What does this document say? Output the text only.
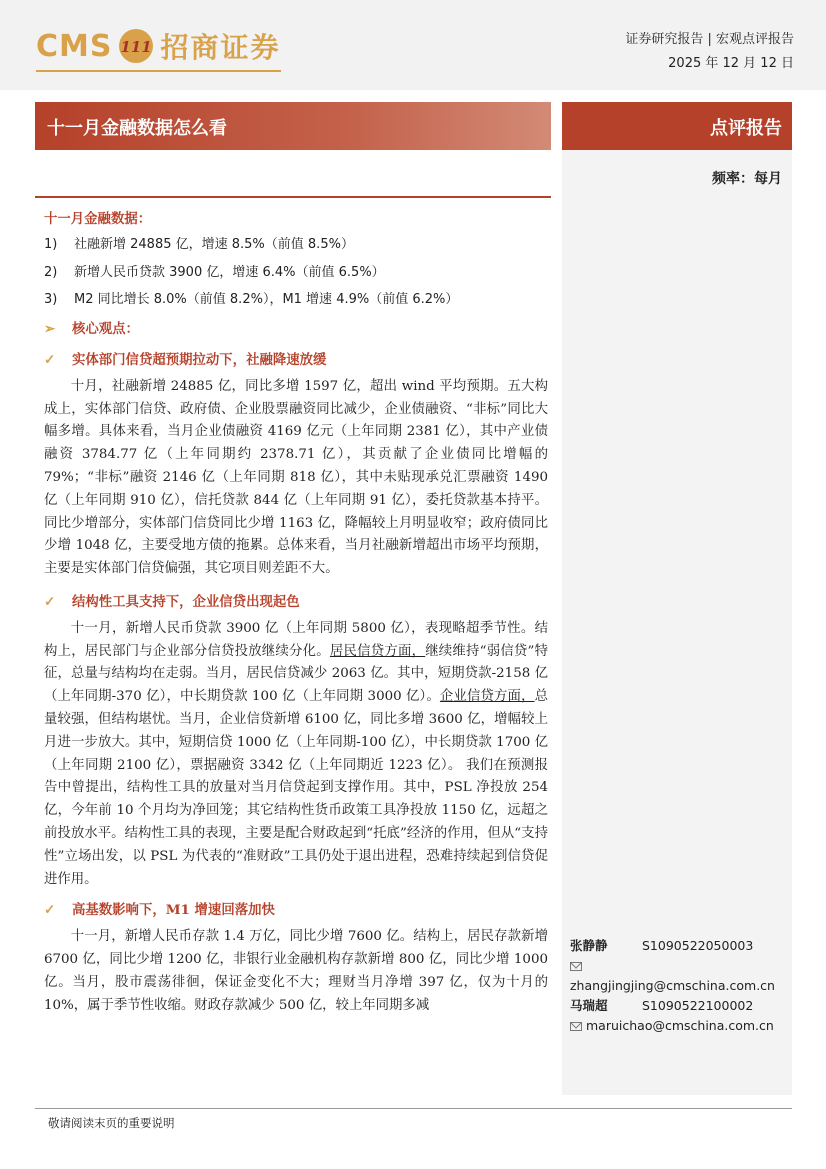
CMS 111 招商证券	证券研究报告 | 宏观点评报告
2025 年 12 月 12 日
十一月金融数据怎么看	点评报告
频率：每月
十一月金融数据：
1)	社融新增 24885 亿，增速 8.5%（前值 8.5%）
2)	新增人民币贷款 3900 亿，增速 6.4%（前值 6.5%）
3)	M2 同比增长 8.0%（前值 8.2%），M1 增速 4.9%（前值 6.2%）
➢	核心观点：
✓	实体部门信贷超预期拉动下，社融降速放缓

十月，社融新增 24885 亿，同比多增 1597 亿，超出 wind 平均预期。五大构成上，实体部门信贷、政府债、企业股票融资同比减少，企业债融资、“非标”同比大幅多增。具体来看，当月企业债融资 4169 亿元（上年同期 2381 亿），其中产业债融资 3784.77 亿（上年同期约 2378.71 亿），其贡献了企业债同比增幅的 79%；“非标”融资 2146 亿（上年同期 818 亿），其中未贴现承兑汇票融资 1490 亿（上年同期 910 亿），信托贷款 844 亿（上年同期 91 亿），委托贷款基本持平。同比少增部分，实体部门信贷同比少增 1163 亿，降幅较上月明显收窄；政府债同比少增 1048 亿，主要受地方债的拖累。总体来看，当月社融新增超出市场平均预期，主要是实体部门信贷偏强，其它项目则差距不大。

✓	结构性工具支持下，企业信贷出现起色

十一月，新增人民币贷款 3900 亿（上年同期 5800 亿），表现略超季节性。结构上，居民部门与企业部分信贷投放继续分化。居民信贷方面，继续维持“弱信贷”特征，总量与结构均在走弱。当月，居民信贷减少 2063 亿。其中，短期贷款-2158 亿（上年同期-370 亿），中长期贷款 100 亿（上年同期 3000 亿）。企业信贷方面，总量较强，但结构堪忧。当月，企业信贷新增 6100 亿，同比多增 3600 亿，增幅较上月进一步放大。其中，短期信贷 1000 亿（上年同期-100 亿），中长期贷款 1700 亿（上年同期 2100 亿），票据融资 3342 亿（上年同期近 1223 亿）。 我们在预测报告中曾提出，结构性工具的放量对当月信贷起到支撑作用。其中，PSL 净投放 254 亿，今年前 10 个月均为净回笼；其它结构性货币政策工具净投放 1150 亿，远超之前投放水平。结构性工具的表现，主要是配合财政起到“托底”经济的作用，但从“支持性”立场出发，以 PSL 为代表的“准财政”工具仍处于退出进程，恐难持续起到信贷促进作用。

✓	高基数影响下，M1 增速回落加快

十一月，新增人民币存款 1.4 万亿，同比少增 7600 亿。结构上，居民存款新增 6700 亿，同比少增 1200 亿，非银行业金融机构存款新增 800 亿，同比少增 1000 亿。当月，股市震荡徘徊，保证金变化不大；理财当月净增 397 亿，仅为十月的 10%，属于季节性收缩。财政存款减少 500 亿，较上年同期多减

张静静	S1090522050003
zhangjingjing@cmschina.com.cn
马瑞超	S1090522100002
maruichao@cmschina.com.cn
敬请阅读末页的重要说明
